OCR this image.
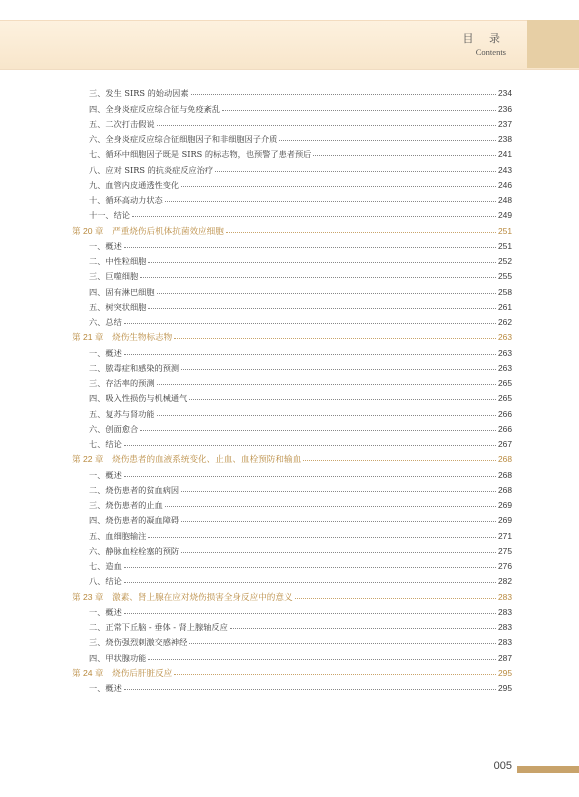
目 录
Contents
三、发生 SIRS 的始动因素	234
四、全身炎症反应综合征与免疫紊乱	236
五、二次打击假说	237
六、全身炎症反应综合征细胞因子和非细胞因子介质	238
七、循环中细胞因子既是 SIRS 的标志物，也预警了患者预后	241
八、应对 SIRS 的抗炎症反应治疗	243
九、血管内皮通透性变化	246
十、循环高动力状态	248
十一、结论	249
第 20 章　严重烧伤后机体抗菌效应细胞	251
一、概述	251
二、中性粒细胞	252
三、巨噬细胞	255
四、固有淋巴细胞	258
五、树突状细胞	261
六、总结	262
第 21 章　烧伤生物标志物	263
一、概述	263
二、脓毒症和感染的预测	263
三、存活率的预测	265
四、吸入性损伤与机械通气	265
五、复苏与肾功能	266
六、创面愈合	266
七、结论	267
第 22 章　烧伤患者的血液系统变化、止血、血栓预防和输血	268
一、概述	268
二、烧伤患者的贫血病因	268
三、烧伤患者的止血	269
四、烧伤患者的凝血障碍	269
五、血细胞输注	271
六、静脉血栓栓塞的预防	275
七、造血	276
八、结论	282
第 23 章　激素、肾上腺在应对烧伤损害全身反应中的意义	283
一、概述	283
二、正常下丘脑 - 垂体 - 肾上腺轴反应	283
三、烧伤强烈刺激交感神经	283
四、甲状腺功能	287
第 24 章　烧伤后肝脏反应	295
一、概述	295
005
